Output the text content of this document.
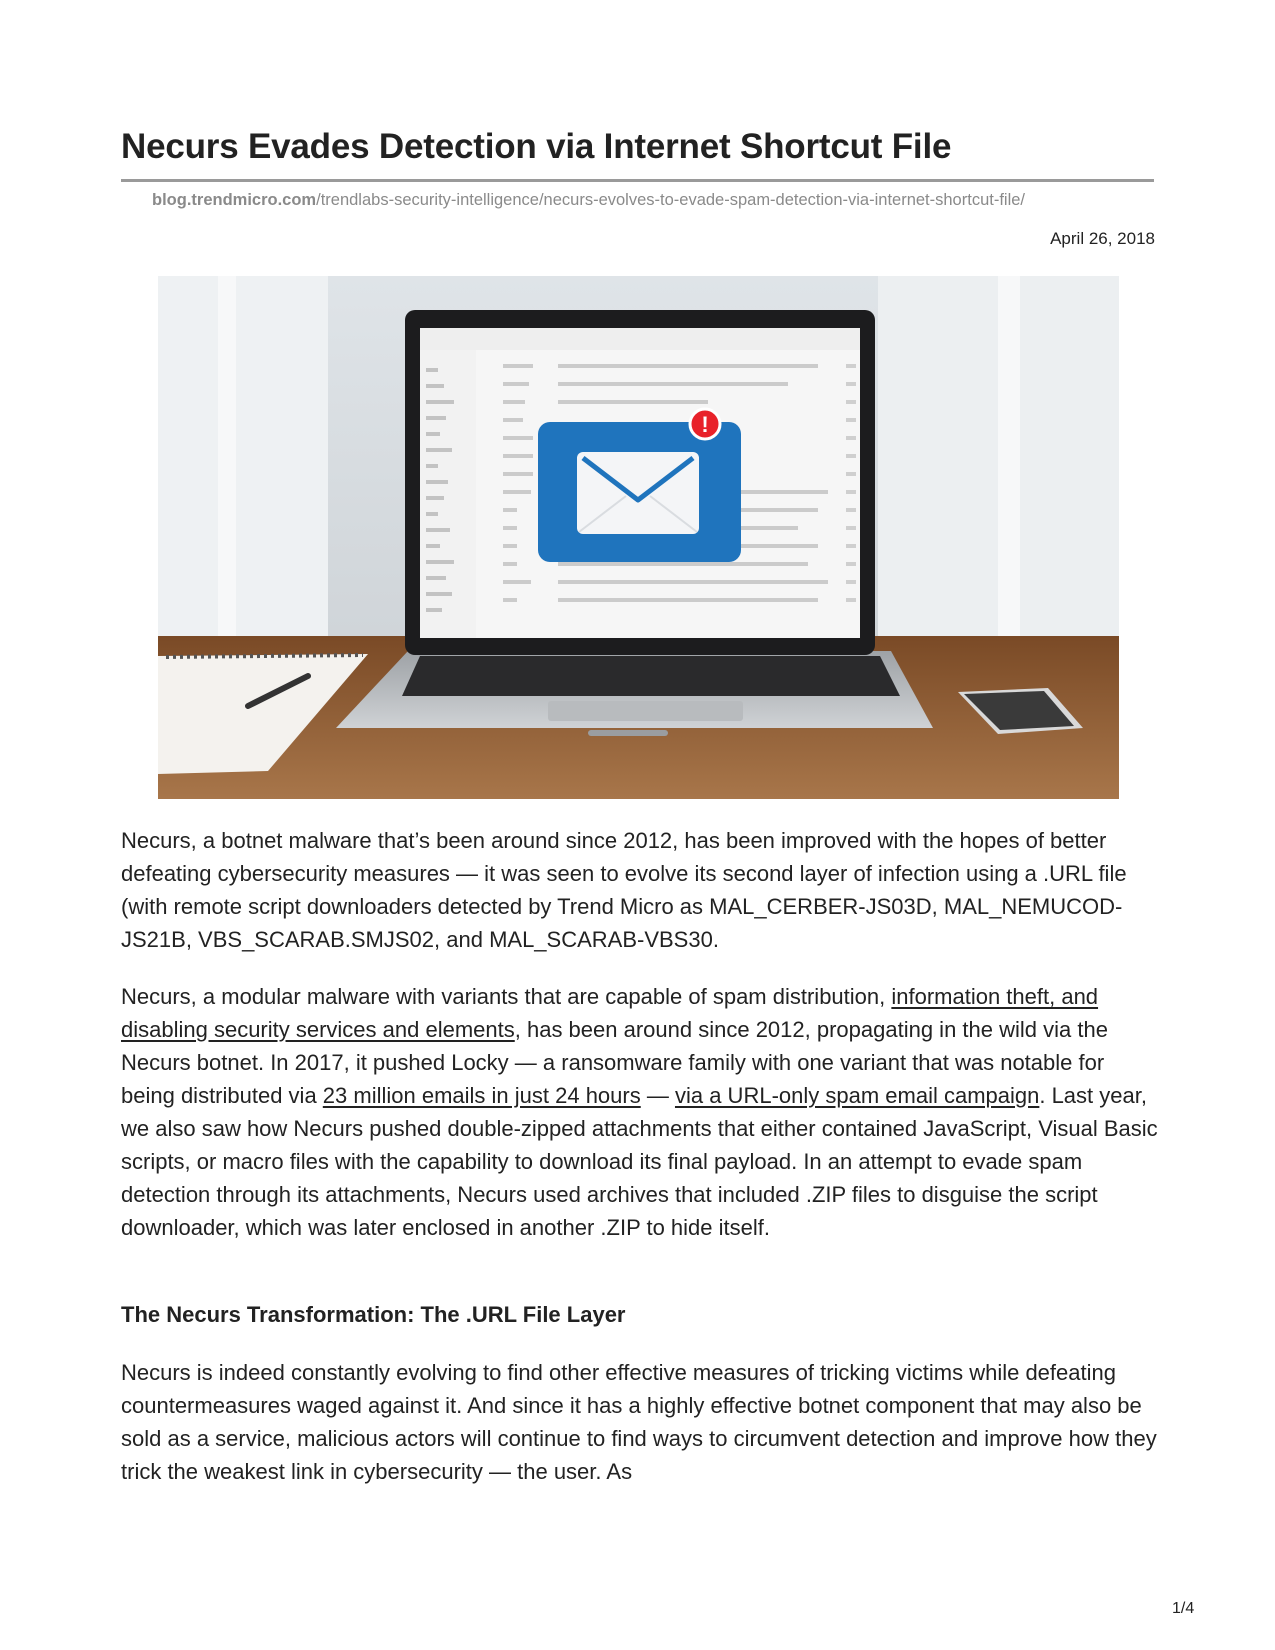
Necurs Evades Detection via Internet Shortcut File
blog.trendmicro.com/trendlabs-security-intelligence/necurs-evolves-to-evade-spam-detection-via-internet-shortcut-file/
April 26, 2018
!

Necurs, a botnet malware that’s been around since 2012, has been improved with the hopes of better defeating cybersecurity measures — it was seen to evolve its second layer of infection using a .URL file (with remote script downloaders detected by Trend Micro as MAL_CERBER-JS03D, MAL_NEMUCOD-JS21B, VBS_SCARAB.SMJS02, and MAL_SCARAB-VBS30.

Necurs, a modular malware with variants that are capable of spam distribution, information theft, and disabling security services and elements, has been around since 2012, propagating in the wild via the Necurs botnet. In 2017, it pushed Locky — a ransomware family with one variant that was notable for being distributed via 23 million emails in just 24 hours — via a URL-only spam email campaign. Last year, we also saw how Necurs pushed double-zipped attachments that either contained JavaScript, Visual Basic scripts, or macro files with the capability to download its final payload. In an attempt to evade spam detection through its attachments, Necurs used archives that included .ZIP files to disguise the script downloader, which was later enclosed in another .ZIP to hide itself.

The Necurs Transformation: The .URL File Layer

Necurs is indeed constantly evolving to find other effective measures of tricking victims while defeating countermeasures waged against it. And since it has a highly effective botnet component that may also be sold as a service, malicious actors will continue to find ways to circumvent detection and improve how they trick the weakest link in cybersecurity — the user. As

1/4
